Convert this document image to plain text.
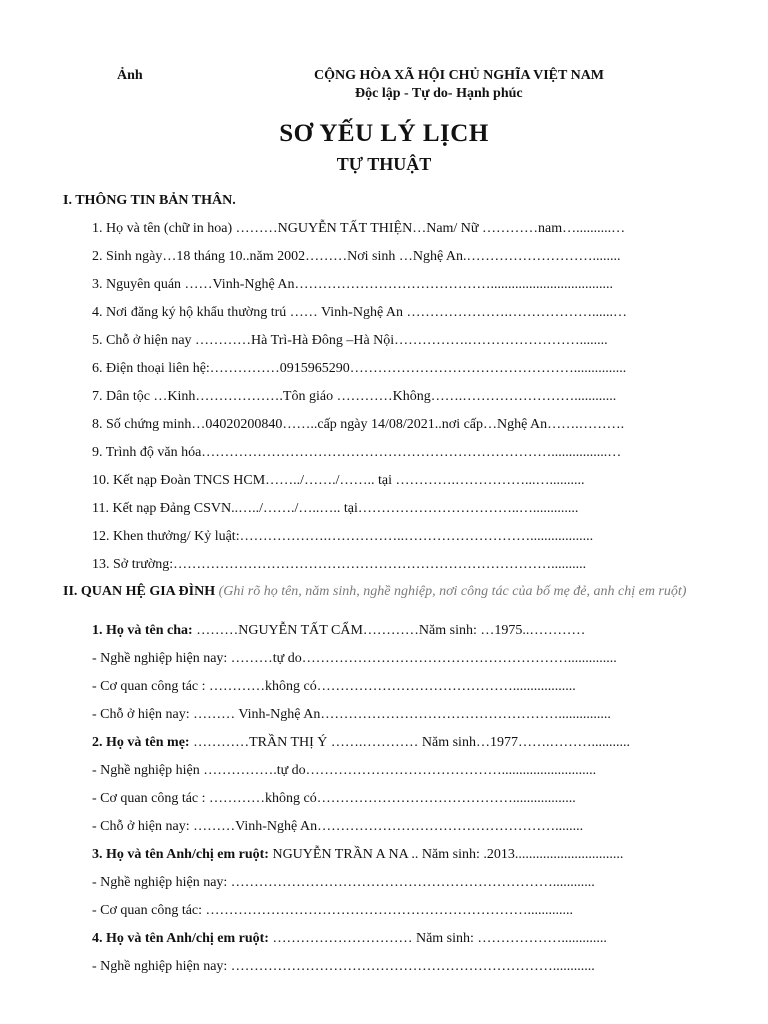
Ảnh	CỘNG HÒA XÃ HỘI CHỦ NGHĨA VIỆT NAM
Độc lập - Tự do- Hạnh phúc
SƠ YẾU LÝ LỊCH
TỰ THUẬT
I. THÔNG TIN BẢN THÂN.
1. Họ và tên (chữ in hoa) ………NGUYỄN TẤT THIỆN…Nam/ Nữ …………nam…..........…
2. Sinh ngày…18 tháng 10..năm 2002………Nơi sinh …Nghệ An.………………………........
3. Nguyên quán ……Vinh-Nghệ An……………………………………...................................
4. Nơi đăng ký hộ khẩu thường trú …… Vinh-Nghệ An ………………….………………......…
5. Chỗ ở hiện nay …………Hà Trì-Hà Đông –Hà Nội…………….……………………........
6. Điện thoại liên hệ:……………0915965290…………………………………………...............
7. Dân tộc …Kinh……………….Tôn giáo …………Không…….……………………............
8. Số chứng minh…04020200840……..cấp ngày 14/08/2021..nơi cấp…Nghệ An…….……….
9. Trình độ văn hóa…………………………………………………………………................…
10. Kết nạp Đoàn TNCS HCM……../……./…….. tại ………….……………...…..........
11. Kết nạp Đảng CSVN..…../……./…..….. tại……………………………..….............
12. Khen thưởng/ Kỷ luật:……………….……………..………………………..................
13. Sở trường:………………………………………………………………………..........
II. QUAN HỆ GIA ĐÌNH (Ghi rõ họ tên, năm sinh, nghề nghiệp, nơi công tác của bố mẹ đẻ, anh chị em ruột)
1. Họ và tên cha: ………NGUYỄN TẤT CẨM…………Năm sinh: …1975..…………
- Nghề nghiệp hiện nay: ………tự do…………………………………………………..............
- Cơ quan công tác : …………không có……………………………………..................
- Chỗ ở hiện nay: ……… Vinh-Nghệ An……………………………………………...............
2. Họ và tên mẹ: …………TRẦN THỊ Ý …….………… Năm sinh…1977…….………...........
- Nghề nghiệp hiện …………….tự do……………………………………...........................
- Cơ quan công tác : …………không có……………………………………..................
- Chỗ ở hiện nay: ………Vinh-Nghệ An……………………………………………........
3. Họ và tên Anh/chị em ruột: NGUYỄN TRẦN A NA .. Năm sinh: .2013...............................
- Nghề nghiệp hiện nay: ……………………………………………………………............
- Cơ quan công tác: …………………………………………………………….............
4. Họ và tên Anh/chị em ruột: ………………………… Năm sinh: ……………….............
- Nghề nghiệp hiện nay: ……………………………………………………………............
